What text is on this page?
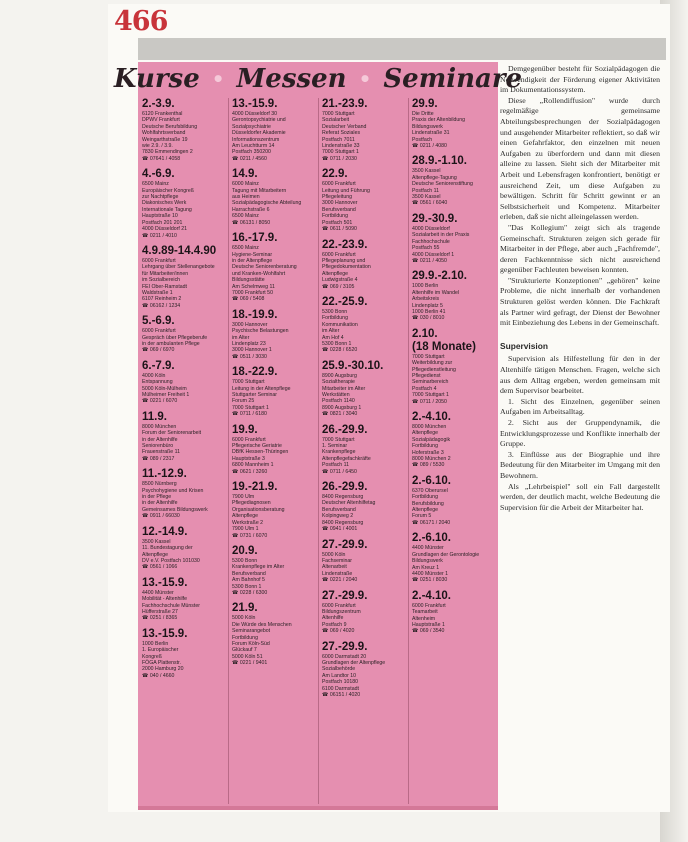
466
Kurse • Messen • Seminare
2.-3.9.
6120 Frankenthal
DPWV Frankfurt
Deutsche Berufsbildung
Wohlfahrtsverband
Weingarthstraße 19
wie 2.9. / 3.9.
7830 Emmendingen 2
☎ 07641 / 4058
4.-6.9.
6500 Mainz
Europäischer Kongreß
zur Nachtpflege
Diakonisches Werk
Internationale Tagung
Hauptstraße 10
Postfach 201 201
4000 Düsseldorf 21
☎ 0211 / 4010
4.9.89-14.4.90
6000 Frankfurt
Lehrgang über Stellenangebote
für Mitarbeiter/innen
im Sozialbereich
FEI Ober-Ramstadt
Waldstraße 1
6107 Reinheim 2
☎ 06162 / 1234
5.-6.9.
6000 Frankfurt
Gespräch über Pflegeberufe
in der ambulanten Pflege
☎ 069 / 6970
6.-7.9.
4000 Köln
Entspannung
5000 Köln-Mülheim
Mülheimer Freiheit 1
☎ 0221 / 6070
11.9.
8000 München
Forum der Seniorenarbeit
in der Altenhilfe
Seniorenbüro
Frauenstraße 11
☎ 089 / 2317
11.-12.9.
8500 Nürnberg
Psychohygiene und Krisen
in der Pflege
in der Altenhilfe
Gemeinsames Bildungswerk
☎ 0911 / 66030
12.-14.9.
3500 Kassel
11. Bundestagung der
Altenpflege
DV e.V. Postfach 101030
☎ 0561 / 1066
13.-15.9.
4400 Münster
Mobilität - Altenhilfe
Fachhochschule Münster
Hüfferstraße 27
☎ 0251 / 8365
13.-15.9.
1000 Berlin
1. Europäischer
Kongreß
FÖGA Plattenstr.
2000 Hamburg 20
☎ 040 / 4660
13.-15.9.
4000 Düsseldorf 30
Gerontopsychiatrie und
Sozialpsychiatrie
Düsseldorfer Akademie
Informationszentrum
Am Leuchtturm 14
Postfach 350200
☎ 0211 / 4560
14.9.
6000 Mainz
Tagung mit Mitarbeitern
aus Heimen
Sozialpädagogische Abteilung
Harrachstraße 6
6500 Mainz
☎ 06131 / 8050
16.-17.9.
6500 Mainz
Hygiene-Seminar
in der Altenpflege
Deutsche Seniorenberatung
und Kranken-Wohlfahrt
Bildungsstätte
Am Schelmweg 11
7000 Frankfurt 50
☎ 069 / 5408
18.-19.9.
3000 Hannover
Psychische Belastungen
im Alter
Lindenplatz 23
3000 Hannover 1
☎ 0511 / 3030
18.-22.9.
7000 Stuttgart
Leitung in der Altenpflege
Stuttgarter Seminar
Forum 25
7000 Stuttgart 1
☎ 0711 / 6180
19.9.
6000 Frankfurt
Pflegerische Geriatrie
DBfK Hessen-Thüringen
Hauptstraße 3
6800 Mannheim 1
☎ 0621 / 3260
19.-21.9.
7900 Ulm
Pflegediagnosen
Organisationsberatung
Altenpflege
Werkstraße 2
7900 Ulm 1
☎ 0731 / 6070
20.9.
5300 Bonn
Krankenpflege im Alter
Berufsverband
Am Bahnhof 5
5300 Bonn 1
☎ 0228 / 6300
21.9.
5000 Köln
Die Würde des Menschen
Seminarangebot
Fortbildung
Forum Köln-Süd
Glückauf 7
5000 Köln 51
☎ 0221 / 9401
21.-23.9.
7000 Stuttgart
Sozialarbeit
Deutscher Verband
Referat Soziales
Postfach 7011
Lindenstraße 33
7000 Stuttgart 1
☎ 0711 / 2030
22.9.
6000 Frankfurt
Leitung und Führung
Pflegeleitung
3000 Hannover
Berufsverband
Fortbildung
Postfach 501
☎ 0611 / 5090
22.-23.9.
6000 Frankfurt
Pflegeplanung und
Pflegedokumentation
Altenpflege
Ludwigstraße 4
☎ 069 / 3105
22.-25.9.
5300 Bonn
Fortbildung
Kommunikation
im Alter
Am Hof 4
5300 Bonn 1
☎ 0228 / 6520
25.9.-30.10.
8900 Augsburg
Sozialtherapie
Mitarbeiter im Alter
Werkstätten
Postfach 1140
8900 Augsburg 1
☎ 0821 / 3040
26.-29.9.
7000 Stuttgart
1. Seminar
Krankenpflege
Altenpflegefachkräfte
Postfach 11
☎ 0711 / 6450
26.-29.9.
8400 Regensburg
Deutscher Altenhilfetag
Berufsverband
Kolpingweg 2
8400 Regensburg
☎ 0941 / 4001
27.-29.9.
5000 Köln
Fachseminar
Altenarbeit
Lindenstraße
☎ 0221 / 2040
27.-29.9.
6000 Frankfurt
Bildungszentrum
Altenhilfe
Postfach 9
☎ 069 / 4020
27.-29.9.
6000 Darmstadt 20
Grundlagen der Altenpflege
Sozialbehörde
Am Landtor 10
Postfach 10180
6100 Darmstadt
☎ 06151 / 4020
29.9.
Die Dritte
Praxis der Altenbildung
Bildungswerk
Lindenstraße 31
Postfach
☎ 0211 / 4080
28.9.-1.10.
3500 Kassel
Altenpflege-Tagung
Deutsche Seniorenstiftung
Postfach 11
3500 Kassel
☎ 0561 / 6040
29.-30.9.
4000 Düsseldorf
Sozialarbeit in der Praxis
Fachhochschule
Postfach 55
4000 Düsseldorf 1
☎ 0211 / 4050
29.9.-2.10.
1000 Berlin
Altenhilfe im Wandel
Arbeitskreis
Lindenplatz 5
1000 Berlin 41
☎ 030 / 8010
2.10.
(18 Monate)
7000 Stuttgart
Weiterbildung zur
Pflegedienstleitung
Pflegedienst
Seminarbereich
Postfach 4
7000 Stuttgart 1
☎ 0711 / 2050
2.-4.10.
8000 München
Altenpflege
Sozialpädagogik
Fortbildung
Hoferstraße 3
8000 München 2
☎ 089 / 5530
2.-6.10.
6370 Oberursel
Fortbildung
Berufsbildung
Altenpflege
Forum 5
☎ 06171 / 2040
2.-6.10.
4400 Münster
Grundlagen der Gerontologie
Bildungswerk
Am Kreuz 1
4400 Münster 1
☎ 0251 / 8030
2.-4.10.
6000 Frankfurt
Teamarbeit
Altenheim
Hauptstraße 1
☎ 069 / 3540

Demgegenüber besteht für Sozialpädagogen die Notwendigkeit der Förderung eigener Aktivitäten im Dokumentationssystem.

Diese „Rollendiffusion" wurde durch regelmäßige gemeinsame Abteilungsbesprechungen der Sozialpädagogen und ausgehender Mitarbeiter reflektiert, so daß wir einen Gefahrfaktor, den einzelnen mit neuen Aufgaben zu überfordern und dann mit diesen alleine zu lassen. Sieht sich der Mitarbeiter mit Arbeit und Lebensfragen konfrontiert, benötigt er ausreichend Zeit, um diese Aufgaben zu bewältigen. Schritt für Schritt gewinnt er an Selbstsicherheit und Kompetenz. Mitarbeiter erleben, daß sie nicht alleingelassen werden.

"Das Kollegium" zeigt sich als tragende Gemeinschaft. Strukturen zeigen sich gerade für Mitarbeiter in der Pflege, aber auch „Fachfremde", deren Fachkenntnisse sich nicht ausreichend gegenüber Fachleuten beweisen konnten.

"Strukturierte Konzeptionen" „gehören" keine Probleme, die nicht innerhalb der vorhandenen Strukturen gelöst werden können. Die Fachkraft als Partner wird gefragt, der Dienst der Bewohner mit Einbeziehung des Lebens in der Gemeinschaft.

Supervision

Supervision als Hilfestellung für den in der Altenhilfe tätigen Menschen. Fragen, welche sich aus dem Alltag ergeben, werden gemeinsam mit dem Supervisor bearbeitet.

1. Sicht des Einzelnen, gegenüber seinen Aufgaben im Arbeitsalltag.

2. Sicht aus der Gruppendynamik, die Entwicklungsprozesse und Konflikte innerhalb der Gruppe.

3. Einflüsse aus der Biographie und ihre Bedeutung für den Mitarbeiter im Umgang mit den Bewohnern.

Als „Lehrbeispiel" soll ein Fall dargestellt werden, der deutlich macht, welche Bedeutung die Supervision für die Arbeit der Mitarbeiter hat.
